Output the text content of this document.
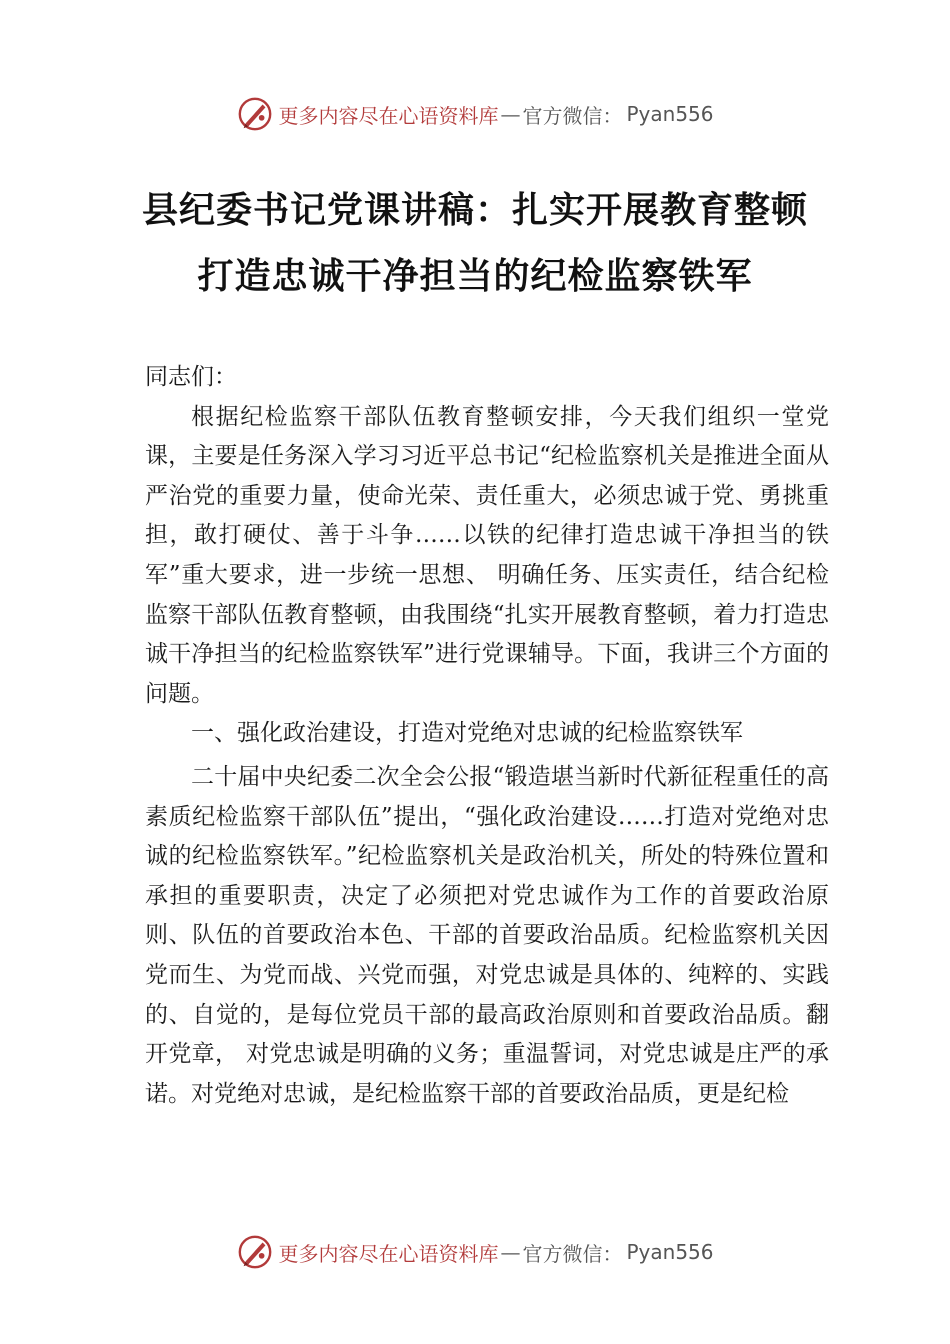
更多内容尽在心语资料库 — 官方微信： Pyan556
县纪委书记党课讲稿：扎实开展教育整顿
打造忠诚干净担当的纪检监察铁军

同志们：

根据纪检监察干部队伍教育整顿安排，今天我们组织一堂党课，主要是任务深入学习习近平总书记“纪检监察机关是推进全面从严治党的重要力量，使命光荣、责任重大，必须忠诚于党、勇挑重担，敢打硬仗、善于斗争……以铁的纪律打造忠诚干净担当的铁军”重大要求，进一步统一思想、 明确任务、压实责任，结合纪检监察干部队伍教育整顿，由我围绕“扎实开展教育整顿，着力打造忠诚干净担当的纪检监察铁军”进行党课辅导。下面，我讲三个方面的问题。

一、强化政治建设，打造对党绝对忠诚的纪检监察铁军

二十届中央纪委二次全会公报“锻造堪当新时代新征程重任的高素质纪检监察干部队伍”提出，“强化政治建设……打造对党绝对忠诚的纪检监察铁军。”纪检监察机关是政治机关，所处的特殊位置和承担的重要职责，决定了必须把对党忠诚作为工作的首要政治原则、队伍的首要政治本色、干部的首要政治品质。纪检监察机关因党而生、为党而战、兴党而强，对党忠诚是具体的、纯粹的、实践的、自觉的，是每位党员干部的最高政治原则和首要政治品质。翻开党章， 对党忠诚是明确的义务；重温誓词，对党忠诚是庄严的承诺。对党绝对忠诚，是纪检监察干部的首要政治品质，更是纪检

更多内容尽在心语资料库 — 官方微信： Pyan556
